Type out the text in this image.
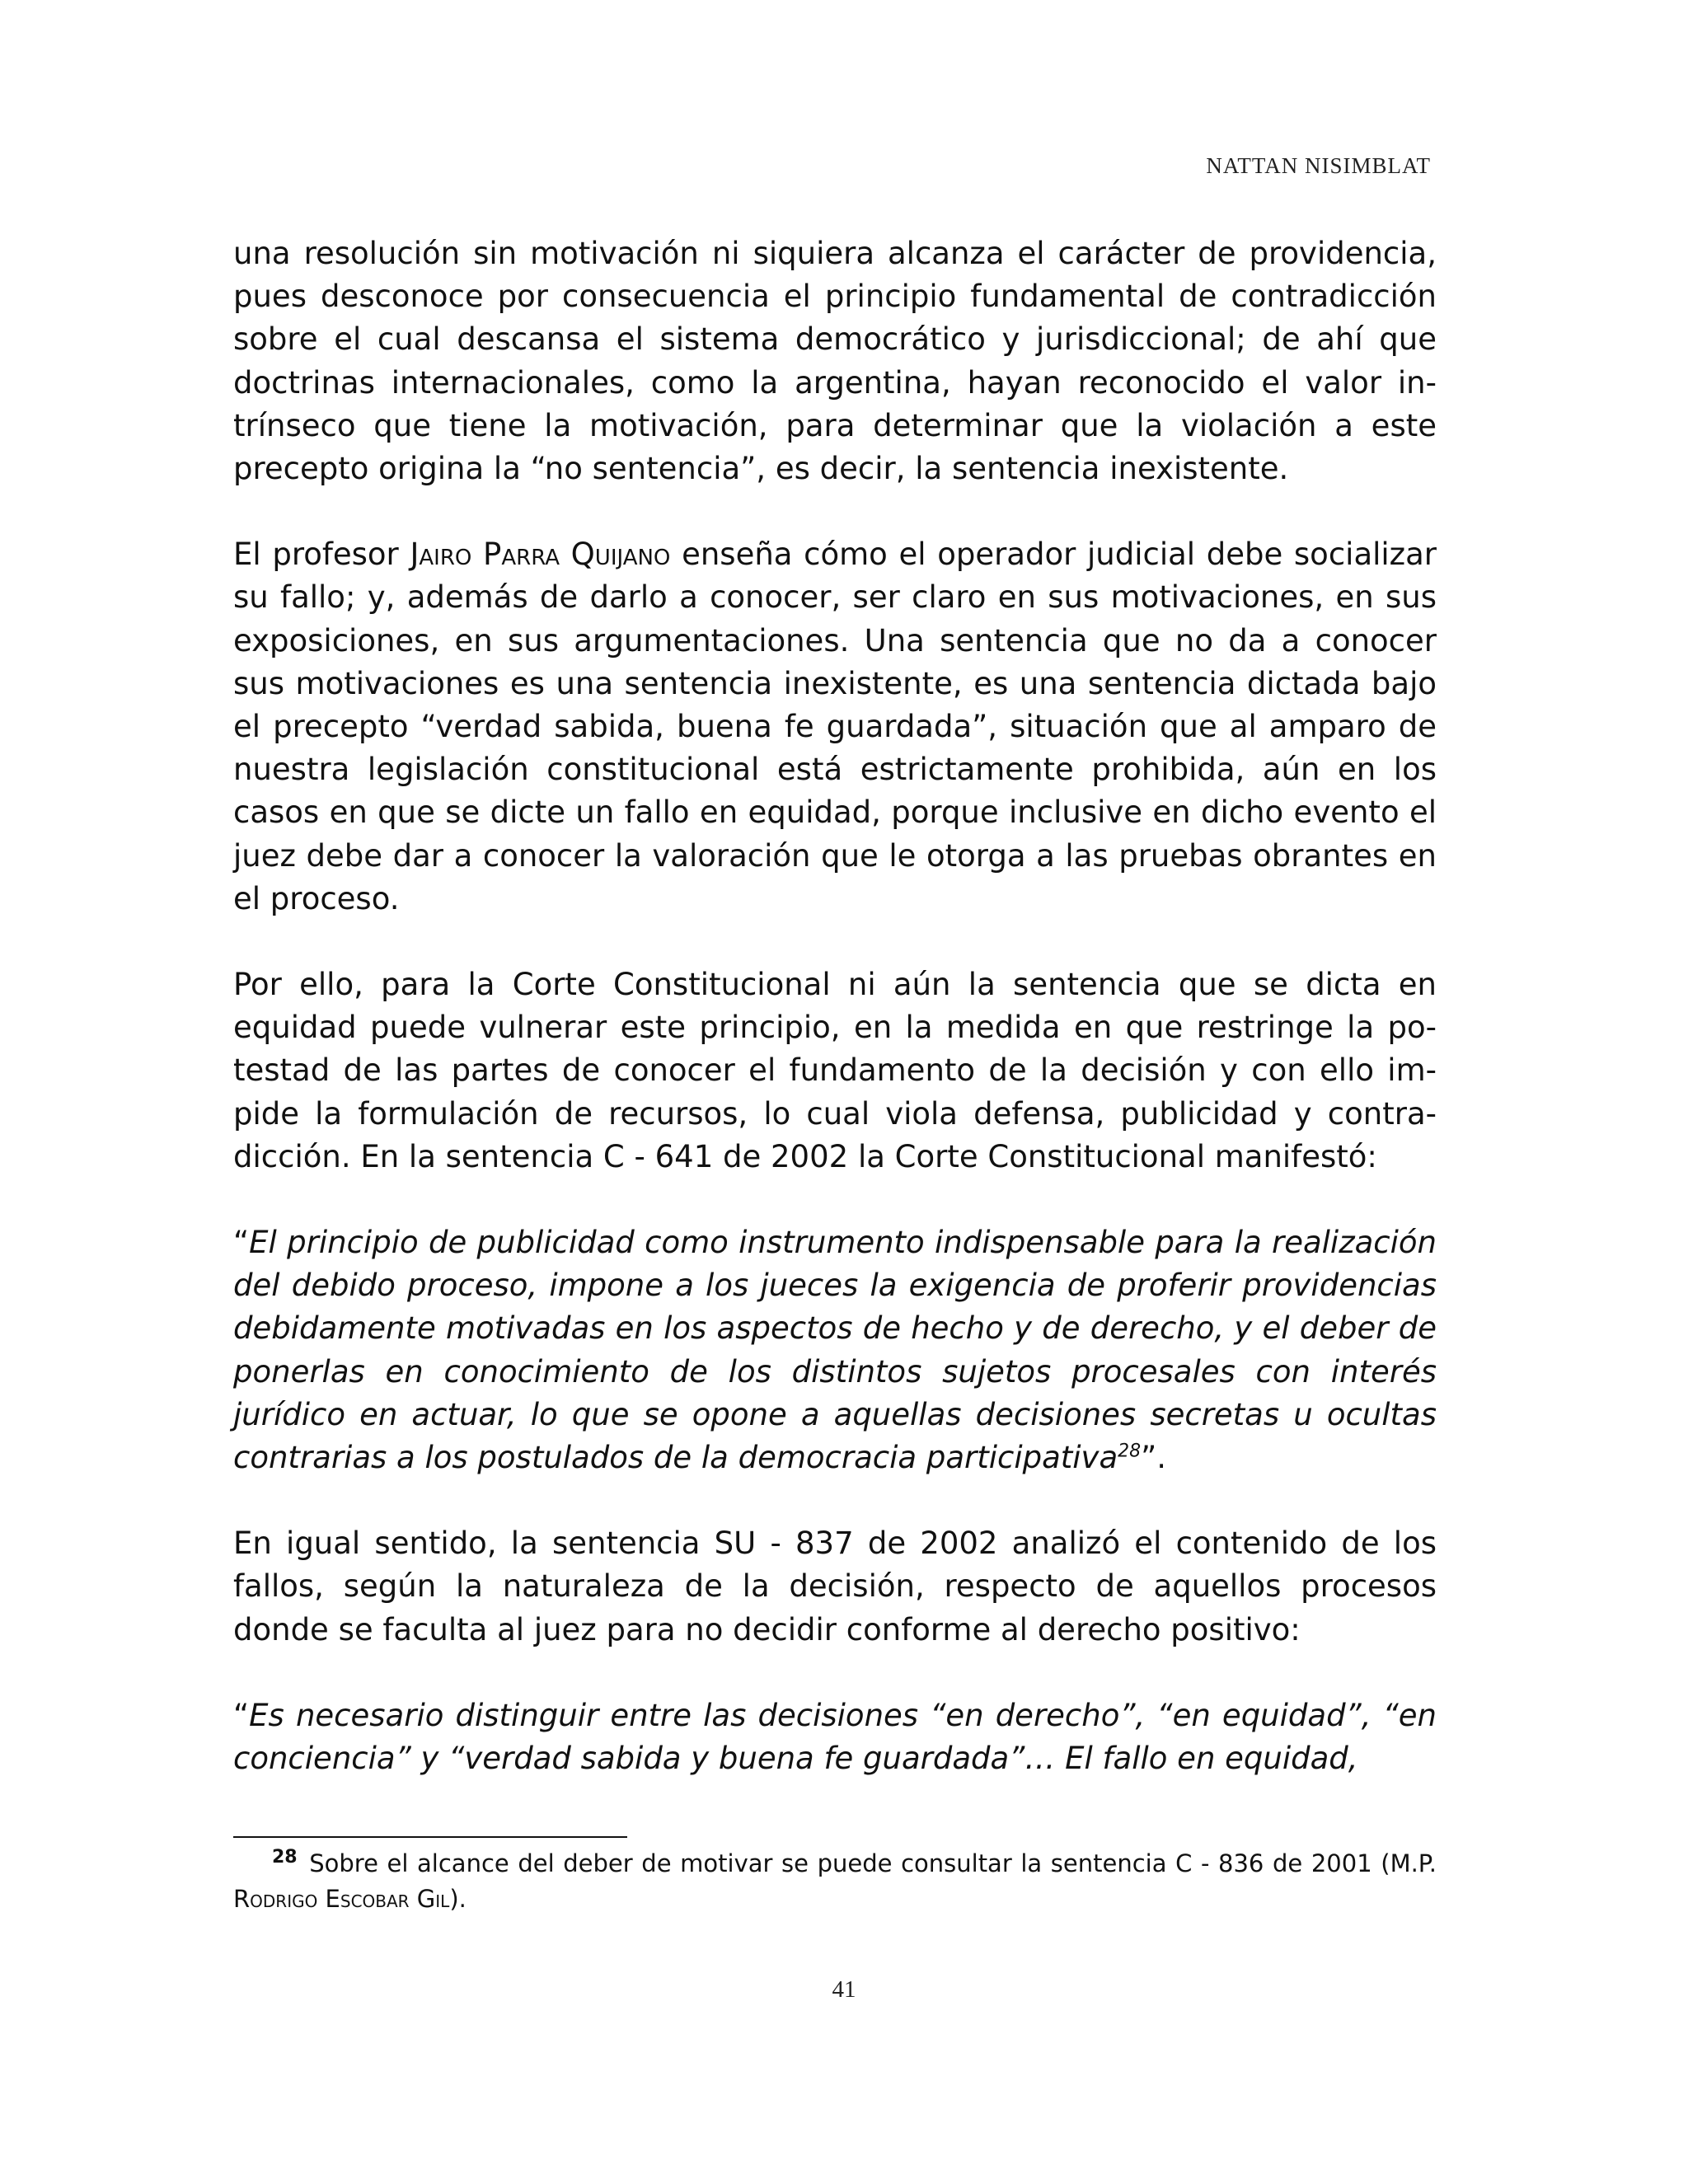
NATTAN NISIMBLAT

una resolución sin motivación ni siquiera alcanza el carácter de providencia, pues desconoce por consecuencia el principio fundamental de contradicción sobre el cual descansa el sistema democrático y jurisdiccional; de ahí que doctrinas internacionales, como la argentina, hayan reconocido el valor intrínseco que tiene la motivación, para determinar que la violación a este precepto origina la “no sentencia”, es decir, la sentencia inexistente.

El profesor Jairo Parra Quijano enseña cómo el operador judicial debe socializar su fallo; y, además de darlo a conocer, ser claro en sus motivaciones, en sus exposiciones, en sus argumentaciones. Una sentencia que no da a conocer sus motivaciones es una sentencia inexistente, es una sentencia dictada bajo el precepto “verdad sabida, buena fe guardada”, situación que al amparo de nuestra legislación constitucional está estrictamente prohibida, aún en los casos en que se dicte un fallo en equidad, porque inclusive en dicho evento el juez debe dar a conocer la valoración que le otorga a las pruebas obrantes en el proceso.

Por ello, para la Corte Constitucional ni aún la sentencia que se dicta en equidad puede vulnerar este principio, en la medida en que restringe la potestad de las partes de conocer el fundamento de la decisión y con ello impide la formulación de recursos, lo cual viola defensa, publicidad y contradicción. En la sentencia C - 641 de 2002 la Corte Constitucional manifestó:

“El principio de publicidad como instrumento indispensable para la realización del debido proceso, impone a los jueces la exigencia de proferir providencias debidamente motivadas en los aspectos de hecho y de derecho, y el deber de ponerlas en conocimiento de los distintos sujetos procesales con interés jurídico en actuar, lo que se opone a aquellas decisiones secretas u ocultas contrarias a los postulados de la democracia participativa$^{28}$”.

En igual sentido, la sentencia SU - 837 de 2002 analizó el contenido de los fallos, según la naturaleza de la decisión, respecto de aquellos procesos donde se faculta al juez para no decidir conforme al derecho positivo:

“Es necesario distinguir entre las decisiones “en derecho”, “en equidad”, “en conciencia” y “verdad sabida y buena fe guardada”… El fallo en equidad,

$^{28}$ Sobre el alcance del deber de motivar se puede consultar la sentencia C - 836 de 2001 (M.P. Rodrigo Escobar Gil).
41
